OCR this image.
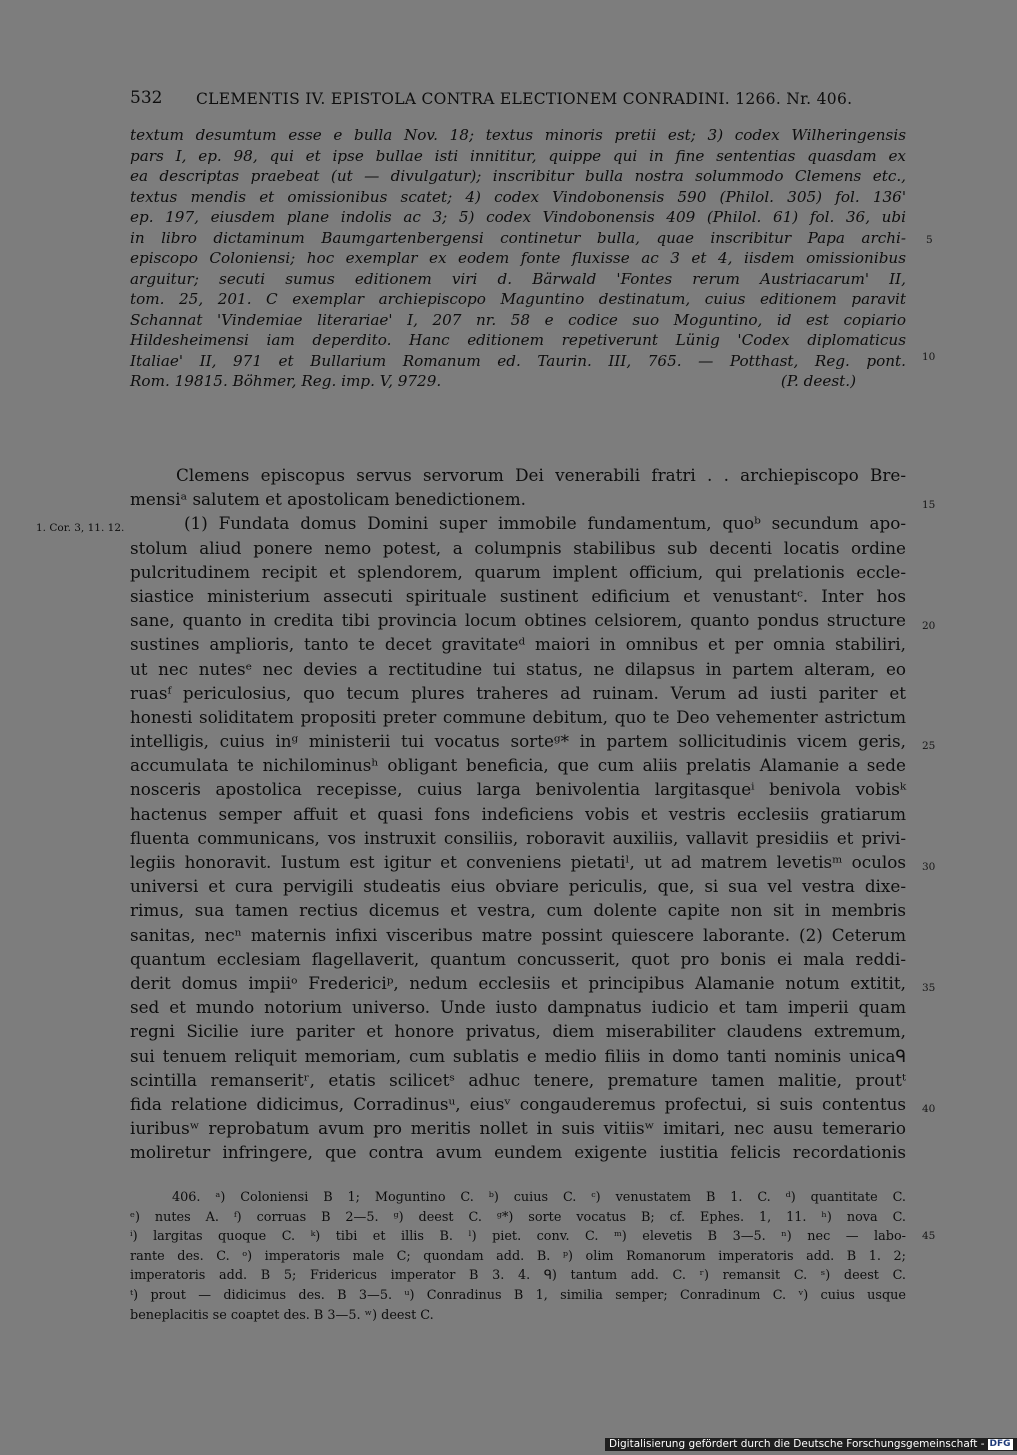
532 CLEMENTIS IV. EPISTOLA CONTRA ELECTIONEM CONRADINI. 1266. Nr. 406.
textum desumtum esse e bulla Nov. 18; textus minoris pretii est; 3) codex Wilheringensis
pars I, ep. 98, qui et ipse bullae isti innititur, quippe qui in fine sententias quasdam ex
ea descriptas praebeat (ut — divulgatur); inscribitur bulla nostra solummodo Clemens etc.,
textus mendis et omissionibus scatet; 4) codex Vindobonensis 590 (Philol. 305) fol. 136'
ep. 197, eiusdem plane indolis ac 3; 5) codex Vindobonensis 409 (Philol. 61) fol. 36, ubi
in libro dictaminum Baumgartenbergensi continetur bulla, quae inscribitur Papa archi-
episcopo Coloniensi; hoc exemplar ex eodem fonte fluxisse ac 3 et 4, iisdem omissionibus
arguitur; secuti sumus editionem viri d. Bärwald 'Fontes rerum Austriacarum' II,
tom. 25, 201. C exemplar archiepiscopo Maguntino destinatum, cuius editionem paravit
Schannat 'Vindemiae literariae' I, 207 nr. 58 e codice suo Moguntino, id est copiario
Hildesheimensi iam deperdito. Hanc editionem repetiverunt Lünig 'Codex diplomaticus
Italiae' II, 971 et Bullarium Romanum ed. Taurin. III, 765. — Potthast, Reg. pont.
Rom. 19815. Böhmer, Reg. imp. V, 9729.	(P. deest.)
Clemens episcopus servus servorum Dei venerabili fratri . . archiepiscopo Bre-
mensiᵃ salutem et apostolicam benedictionem.
(1) Fundata domus Domini super immobile fundamentum, quoᵇ secundum apo-
stolum aliud ponere nemo potest, a columpnis stabilibus sub decenti locatis ordine
pulcritudinem recipit et splendorem, quarum implent officium, qui prelationis eccle-
siastice ministerium assecuti spirituale sustinent edificium et venustantᶜ. Inter hos
sane, quanto in credita tibi provincia locum obtines celsiorem, quanto pondus structure
sustines amplioris, tanto te decet gravitateᵈ maiori in omnibus et per omnia stabiliri,
ut nec nutesᵉ nec devies a rectitudine tui status, ne dilapsus in partem alteram, eo
ruasᶠ periculosius, quo tecum plures traheres ad ruinam. Verum ad iusti pariter et
honesti soliditatem propositi preter commune debitum, quo te Deo vehementer astrictum
intelligis, cuius inᵍ ministerii tui vocatus sorteᵍ* in partem sollicitudinis vicem geris,
accumulata te nichilominusʰ obligant beneficia, que cum aliis prelatis Alamanie a sede
nosceris apostolica recepisse, cuius larga benivolentia largitasqueⁱ benivola vobisᵏ
hactenus semper affuit et quasi fons indeficiens vobis et vestris ecclesiis gratiarum
fluenta communicans, vos instruxit consiliis, roboravit auxiliis, vallavit presidiis et privi-
legiis honoravit. Iustum est igitur et conveniens pietatiˡ, ut ad matrem levetisᵐ oculos
universi et cura pervigili studeatis eius obviare periculis, que, si sua vel vestra dixe-
rimus, sua tamen rectius dicemus et vestra, cum dolente capite non sit in membris
sanitas, necⁿ maternis infixi visceribus matre possint quiescere laborante. (2) Ceterum
quantum ecclesiam flagellaverit, quantum concusserit, quot pro bonis ei mala reddi-
derit domus impiiᵒ Fredericiᵖ, nedum ecclesiis et principibus Alamanie notum extitit,
sed et mundo notorium universo. Unde iusto dampnatus iudicio et tam imperii quam
regni Sicilie iure pariter et honore privatus, diem miserabiliter claudens extremum,
sui tenuem reliquit memoriam, cum sublatis e medio filiis in domo tanti nominis unicaᑫ
scintilla remanseritʳ, etatis scilicetˢ adhuc tenere, premature tamen malitie, proutᵗ
fida relatione didicimus, Corradinusᵘ, eiusᵛ congauderemus profectui, si suis contentus
iuribusʷ reprobatum avum pro meritis nollet in suis vitiisʷ imitari, nec ausu temerario
moliretur infringere, que contra avum eundem exigente iustitia felicis recordationis
1. Cor. 3, 11. 12.
5
10
15
20
25
30
35
40
45
406. ᵃ) Coloniensi B 1; Moguntino C. ᵇ) cuius C. ᶜ) venustatem B 1. C. ᵈ) quantitate C.
ᵉ) nutes A. ᶠ) corruas B 2—5. ᵍ) deest C. ᵍ*) sorte vocatus B; cf. Ephes. 1, 11. ʰ) nova C.
ⁱ) largitas quoque C. ᵏ) tibi et illis B. ˡ) piet. conv. C. ᵐ) elevetis B 3—5. ⁿ) nec — labo-
rante des. C. ᵒ) imperatoris male C; quondam add. B. ᵖ) olim Romanorum imperatoris add. B 1. 2;
imperatoris add. B 5; Fridericus imperator B 3. 4. ᑫ) tantum add. C. ʳ) remansit C. ˢ) deest C.
ᵗ) prout — didicimus des. B 3—5. ᵘ) Conradinus B 1, similia semper; Conradinum C. ᵛ) cuius usque
beneplacitis se coaptet des. B 3—5. ʷ) deest C.
Digitalisierung gefördert durch die Deutsche Forschungsgemeinschaft - DFG
